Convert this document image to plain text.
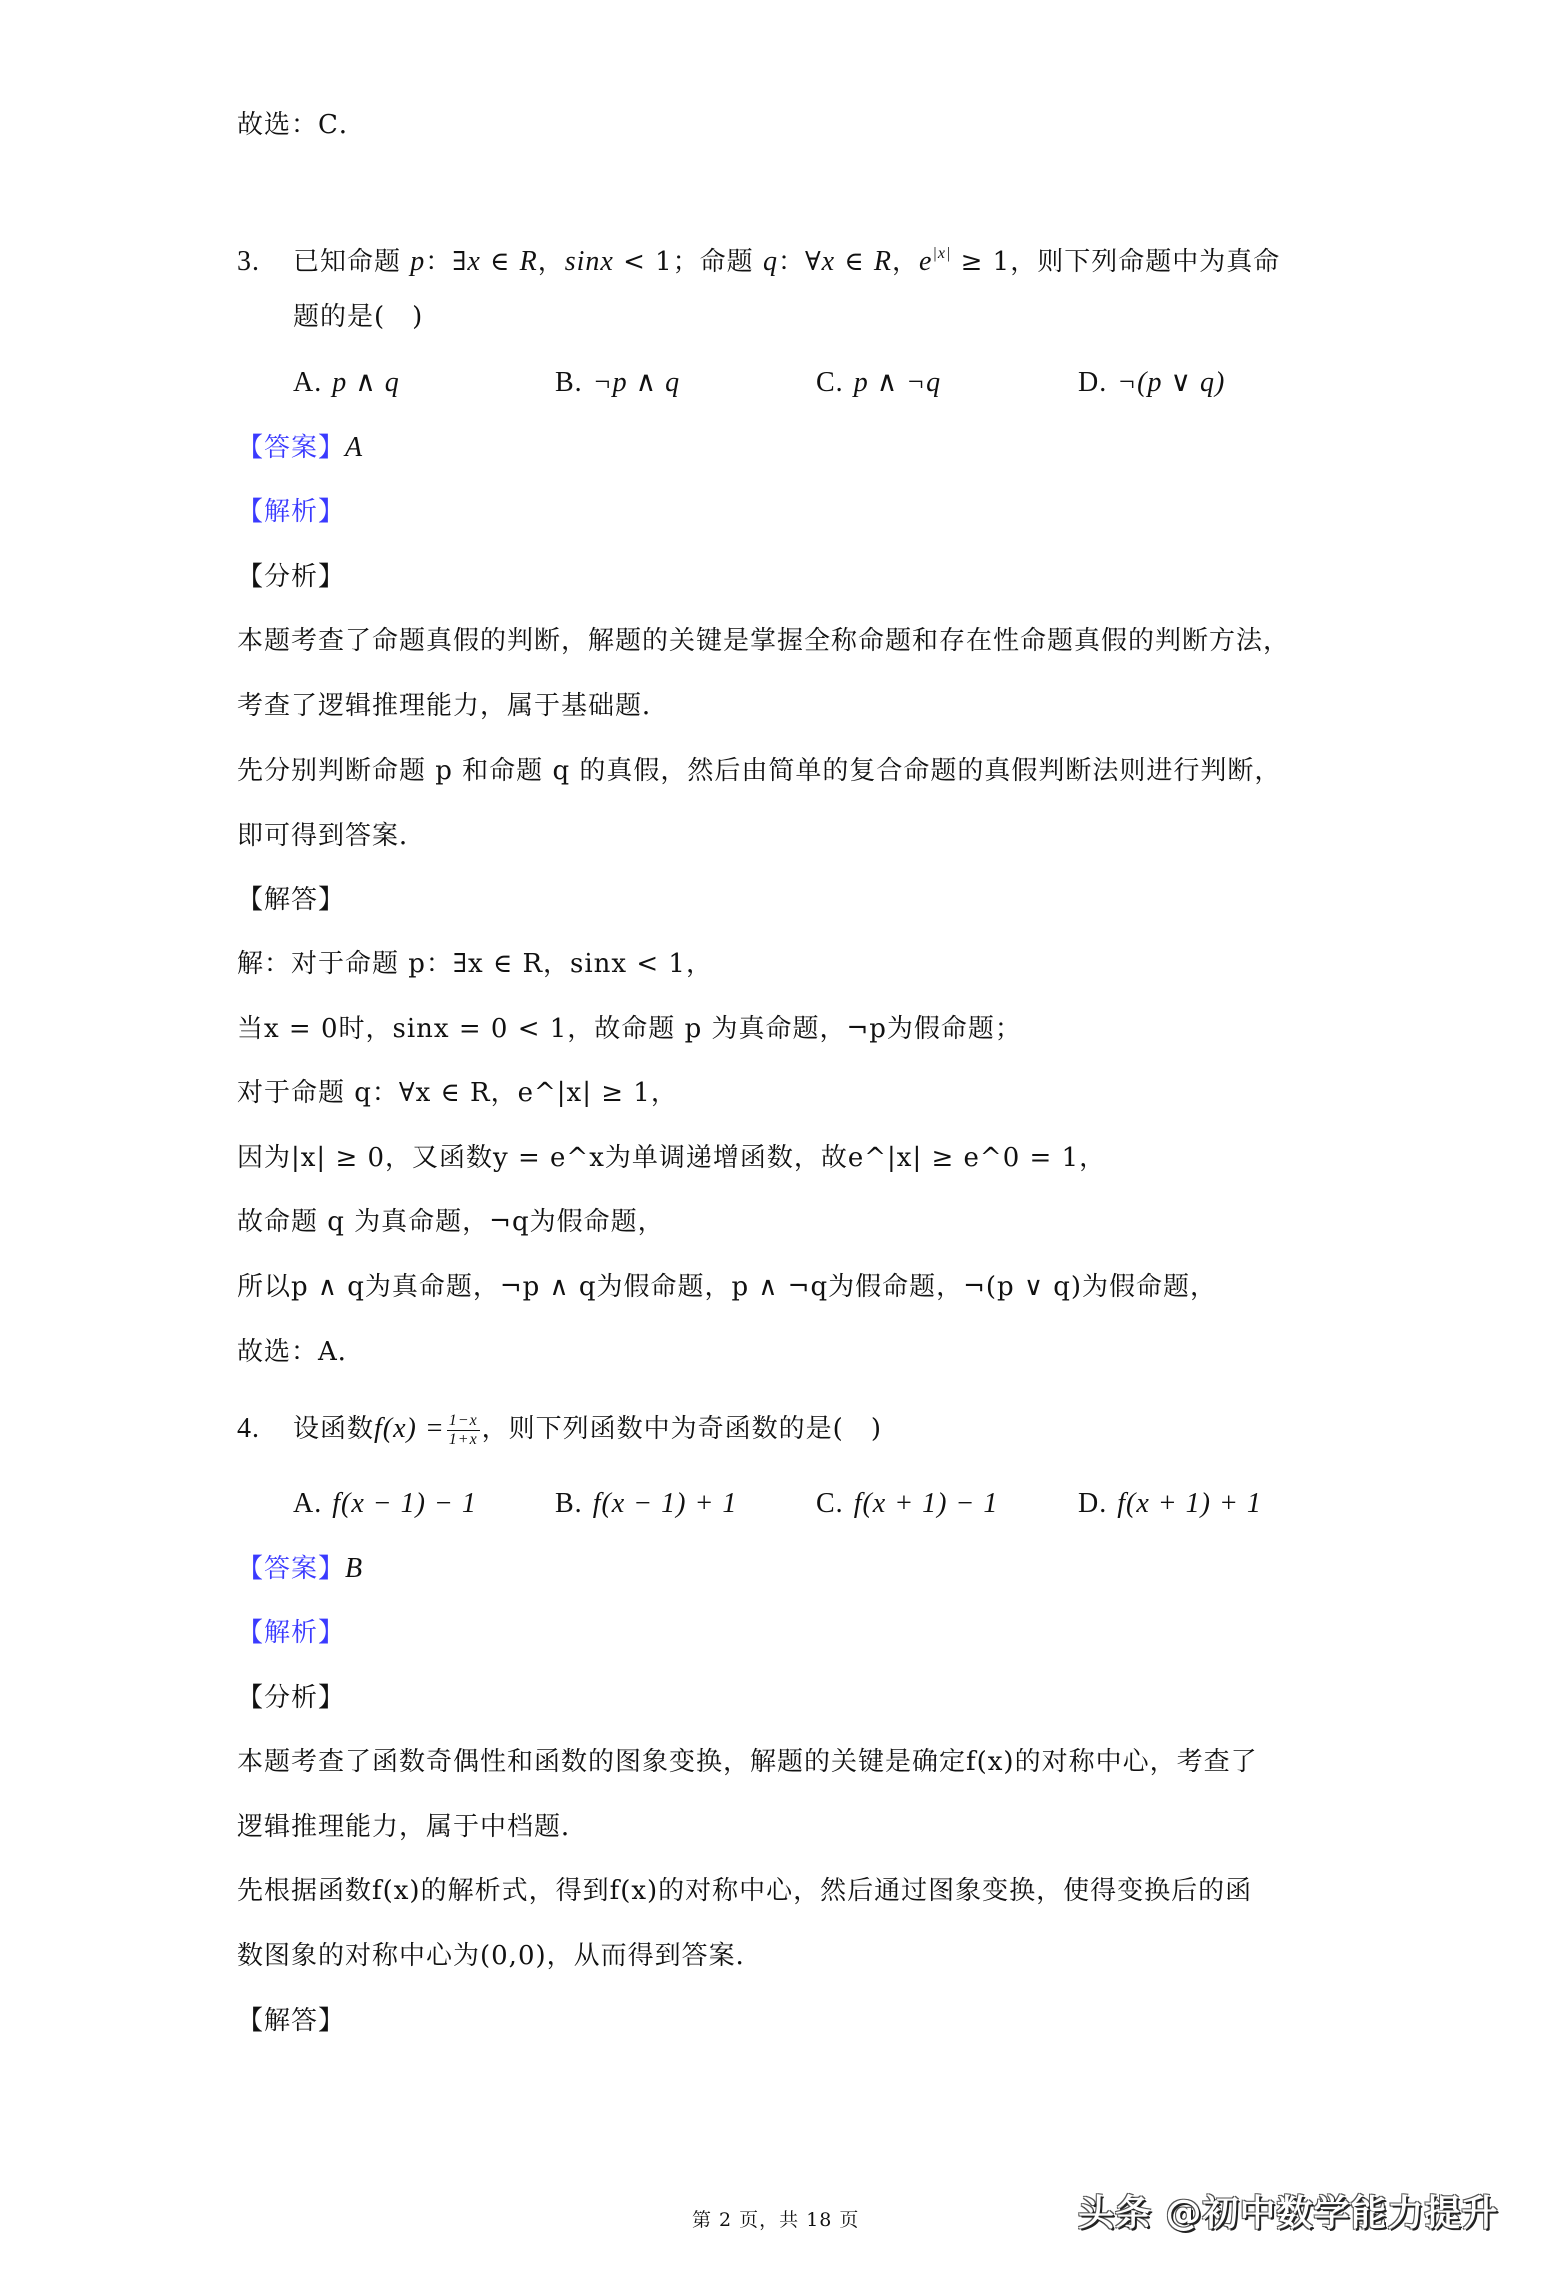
故选：C．
3. 已知命题 p：∃x ∈ R，sinx < 1；命题 q：∀x ∈ R，$e^{|x|} \ge 1$，则下列命题中为真命
题的是(　)
A. p ∧ q	B. ¬p ∧ q	C. p ∧ ¬q	D. ¬(p ∨ q)
【答案】A
【解析】
【分析】
本题考查了命题真假的判断，解题的关键是掌握全称命题和存在性命题真假的判断方法，
考查了逻辑推理能力，属于基础题．
先分别判断命题 p 和命题 q 的真假，然后由简单的复合命题的真假判断法则进行判断，
即可得到答案．
【解答】
解：对于命题 p：∃x ∈ R，sinx < 1，
当x = 0时，sinx = 0 < 1，故命题 p 为真命题，¬p为假命题；
对于命题 q：∀x ∈ R，e^|x| ≥ 1，
因为|x| ≥ 0，又函数y = e^x为单调递增函数，故e^|x| ≥ e^0 = 1，
故命题 q 为真命题，¬q为假命题，
所以p ∧ q为真命题，¬p ∧ q为假命题，p ∧ ¬q为假命题，¬(p ∨ q)为假命题，
故选：A．
4. 设函数$f(x) = \frac{1-x}{1+x}$ ，则下列函数中为奇函数的是(　)
A. f(x − 1) − 1	B. f(x − 1) + 1	C. f(x + 1) − 1	D. f(x + 1) + 1
【答案】B
【解析】
【分析】
本题考查了函数奇偶性和函数的图象变换，解题的关键是确定f(x)的对称中心，考查了
逻辑推理能力，属于中档题．
先根据函数f(x)的解析式，得到f(x)的对称中心，然后通过图象变换，使得变换后的函
数图象的对称中心为(0,0)，从而得到答案．
【解答】
第 2 页，共 18 页	头条 @初中数学能力提升
